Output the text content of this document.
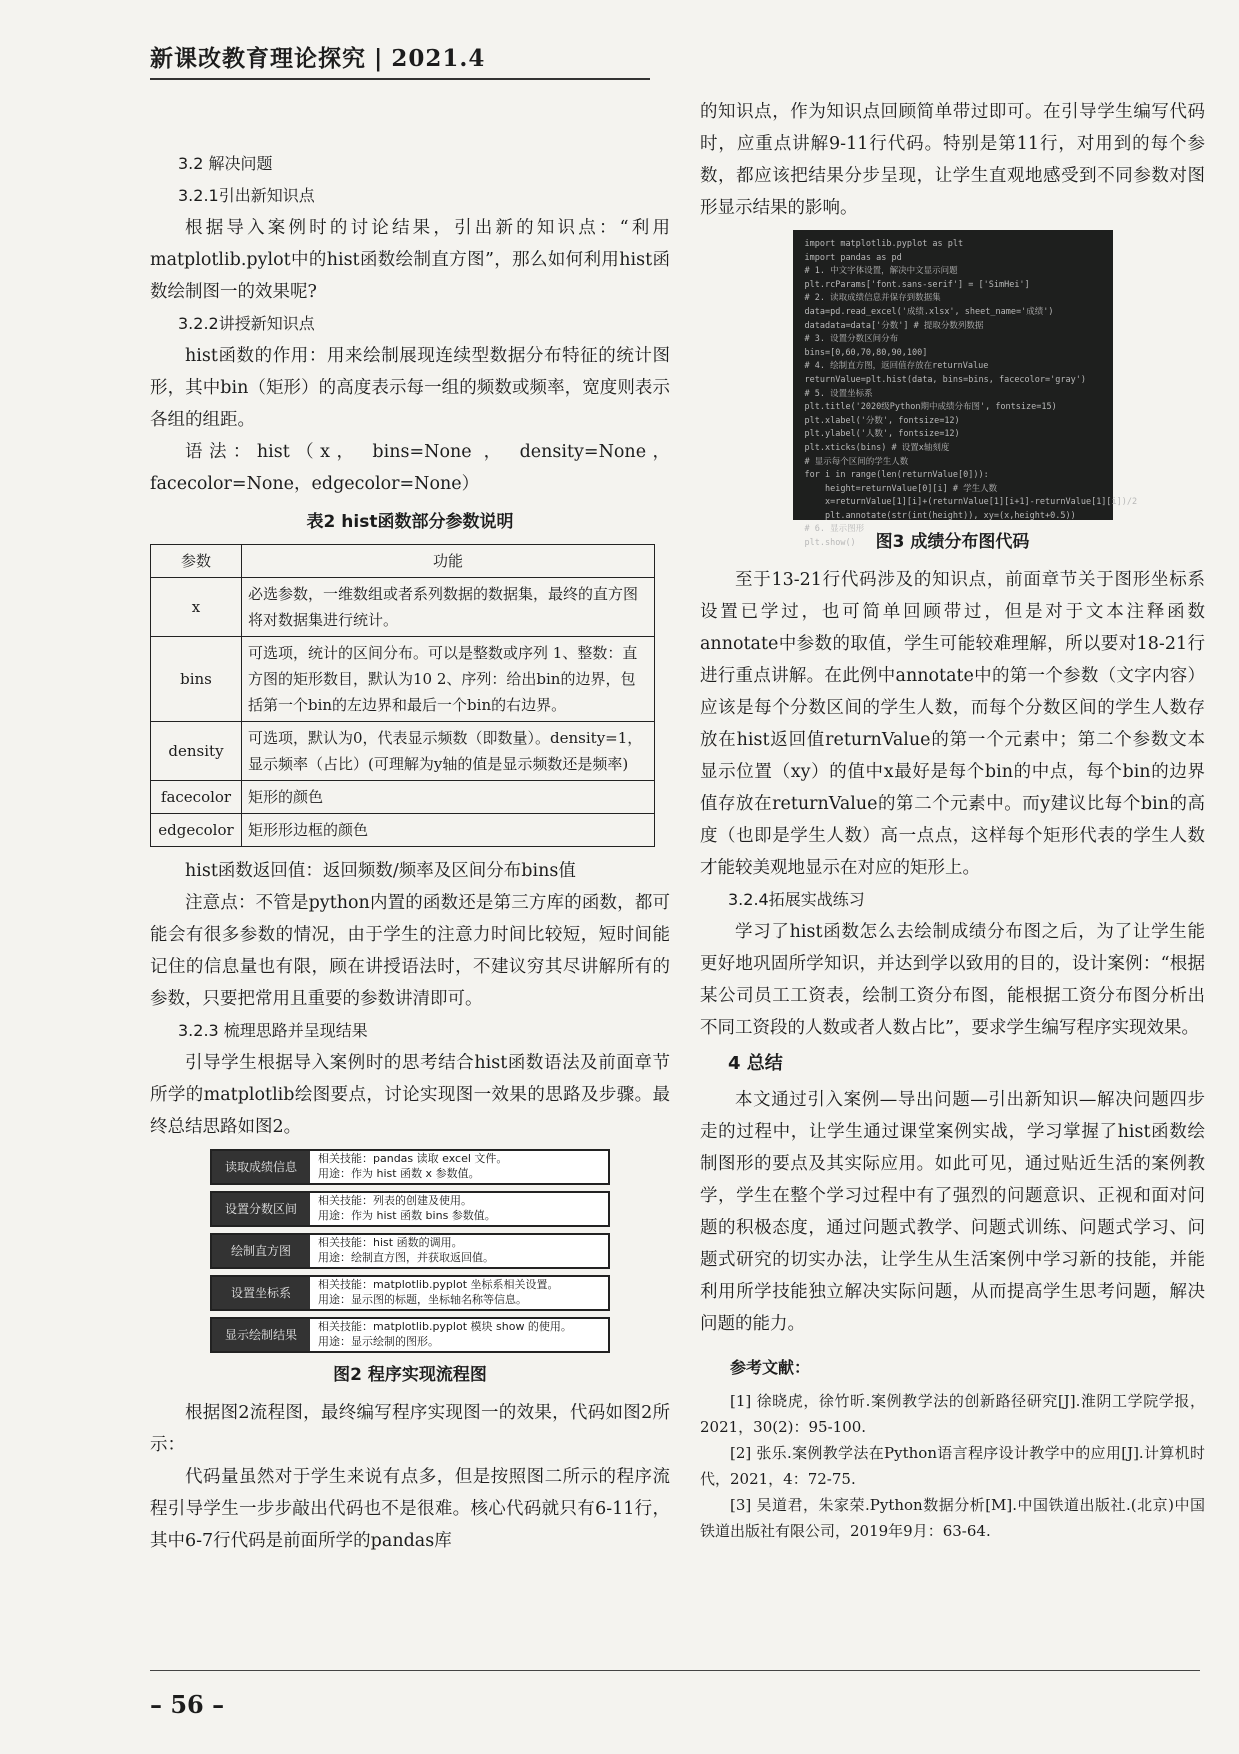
新课改教育理论探究 | 2021.4
3.2 解决问题
3.2.1引出新知识点

根据导入案例时的讨论结果，引出新的知识点：“利用matplotlib.pylot中的hist函数绘制直方图”，那么如何利用hist函数绘制图一的效果呢?

3.2.2讲授新知识点

hist函数的作用：用来绘制展现连续型数据分布特征的统计图形，其中bin（矩形）的高度表示每一组的频数或频率，宽度则表示各组的组距。

语法：hist（x， bins=None ， density=None，facecolor=None，edgecolor=None）

表2 hist函数部分参数说明
参数	功能
x	必选参数，一维数组或者系列数据的数据集，最终的直方图将对数据集进行统计。
bins	可选项，统计的区间分布。可以是整数或序列 1、整数：直方图的矩形数目，默认为10 2、序列：给出bin的边界，包括第一个bin的左边界和最后一个bin的右边界。
density	可选项，默认为0，代表显示频数（即数量）。density=1，显示频率（占比）(可理解为y轴的值是显示频数还是频率)
facecolor	矩形的颜色
edgecolor	矩形形边框的颜色

hist函数返回值：返回频数/频率及区间分布bins值

注意点：不管是python内置的函数还是第三方库的函数，都可能会有很多参数的情况，由于学生的注意力时间比较短，短时间能记住的信息量也有限，顾在讲授语法时，不建议穷其尽讲解所有的参数，只要把常用且重要的参数讲清即可。

3.2.3 梳理思路并呈现结果

引导学生根据导入案例时的思考结合hist函数语法及前面章节所学的matplotlib绘图要点，讨论实现图一效果的思路及步骤。最终总结思路如图2。

读取成绩信息
相关技能：pandas 读取 excel 文件。
用途：作为 hist 函数 x 参数值。
设置分数区间
相关技能：列表的创建及使用。
用途：作为 hist 函数 bins 参数值。
绘制直方图
相关技能：hist 函数的调用。
用途：绘制直方图，并获取返回值。
设置坐标系
相关技能：matplotlib.pyplot 坐标系相关设置。
用途：显示图的标题，坐标轴名称等信息。
显示绘制结果
相关技能：matplotlib.pyplot 模块 show 的使用。
用途：显示绘制的图形。
图2 程序实现流程图

根据图2流程图，最终编写程序实现图一的效果，代码如图2所示：

代码量虽然对于学生来说有点多，但是按照图二所示的程序流程引导学生一步步敲出代码也不是很难。核心代码就只有6-11行，其中6-7行代码是前面所学的pandas库

的知识点，作为知识点回顾简单带过即可。在引导学生编写代码时，应重点讲解9-11行代码。特别是第11行，对用到的每个参数，都应该把结果分步呈现，让学生直观地感受到不同参数对图形显示结果的影响。

import matplotlib.pyplot as plt
import pandas as pd
# 1. 中文字体设置，解决中文显示问题
plt.rcParams['font.sans-serif'] = ['SimHei']
# 2. 读取成绩信息并保存到数据集
data=pd.read_excel('成绩.xlsx', sheet_name='成绩')
datadata=data['分数'] # 提取分数列数据
# 3. 设置分数区间分布
bins=[0,60,70,80,90,100]
# 4. 绘制直方图，返回值存放在returnValue
returnValue=plt.hist(data, bins=bins, facecolor='gray')
# 5. 设置坐标系
plt.title('2020级Python期中成绩分布图', fontsize=15)
plt.xlabel('分数', fontsize=12)
plt.ylabel('人数', fontsize=12)
plt.xticks(bins) # 设置x轴刻度
# 显示每个区间的学生人数
for i in range(len(returnValue[0])):
height=returnValue[0][i] # 学生人数
x=returnValue[1][i]+(returnValue[1][i+1]-returnValue[1][i])/2
plt.annotate(str(int(height)), xy=(x,height+0.5))
# 6. 显示图形
plt.show()	图3 成绩分布图代码

至于13-21行代码涉及的知识点，前面章节关于图形坐标系设置已学过，也可简单回顾带过，但是对于文本注释函数annotate中参数的取值，学生可能较难理解，所以要对18-21行进行重点讲解。在此例中annotate中的第一个参数（文字内容）应该是每个分数区间的学生人数，而每个分数区间的学生人数存放在hist返回值returnValue的第一个元素中；第二个参数文本显示位置（xy）的值中x最好是每个bin的中点，每个bin的边界值存放在returnValue的第二个元素中。而y建议比每个bin的高度（也即是学生人数）高一点点，这样每个矩形代表的学生人数才能较美观地显示在对应的矩形上。

3.2.4拓展实战练习

学习了hist函数怎么去绘制成绩分布图之后，为了让学生能更好地巩固所学知识，并达到学以致用的目的，设计案例：“根据某公司员工工资表，绘制工资分布图，能根据工资分布图分析出不同工资段的人数或者人数占比”，要求学生编写程序实现效果。

4 总结

本文通过引入案例—导出问题—引出新知识—解决问题四步走的过程中，让学生通过课堂案例实战，学习掌握了hist函数绘制图形的要点及其实际应用。如此可见，通过贴近生活的案例教学，学生在整个学习过程中有了强烈的问题意识、正视和面对问题的积极态度，通过问题式教学、问题式训练、问题式学习、问题式研究的切实办法，让学生从生活案例中学习新的技能，并能利用所学技能独立解决实际问题，从而提高学生思考问题，解决问题的能力。

参考文献：

[1] 徐晓虎，徐竹昕.案例教学法的创新路径研究[J].淮阴工学院学报，2021，30(2)：95-100.

[2] 张乐.案例教学法在Python语言程序设计教学中的应用[J].计算机时代，2021，4：72-75.

[3] 吴道君，朱家荣.Python数据分析[M].中国铁道出版社.(北京)中国铁道出版社有限公司，2019年9月：63-64.

– 56 –
